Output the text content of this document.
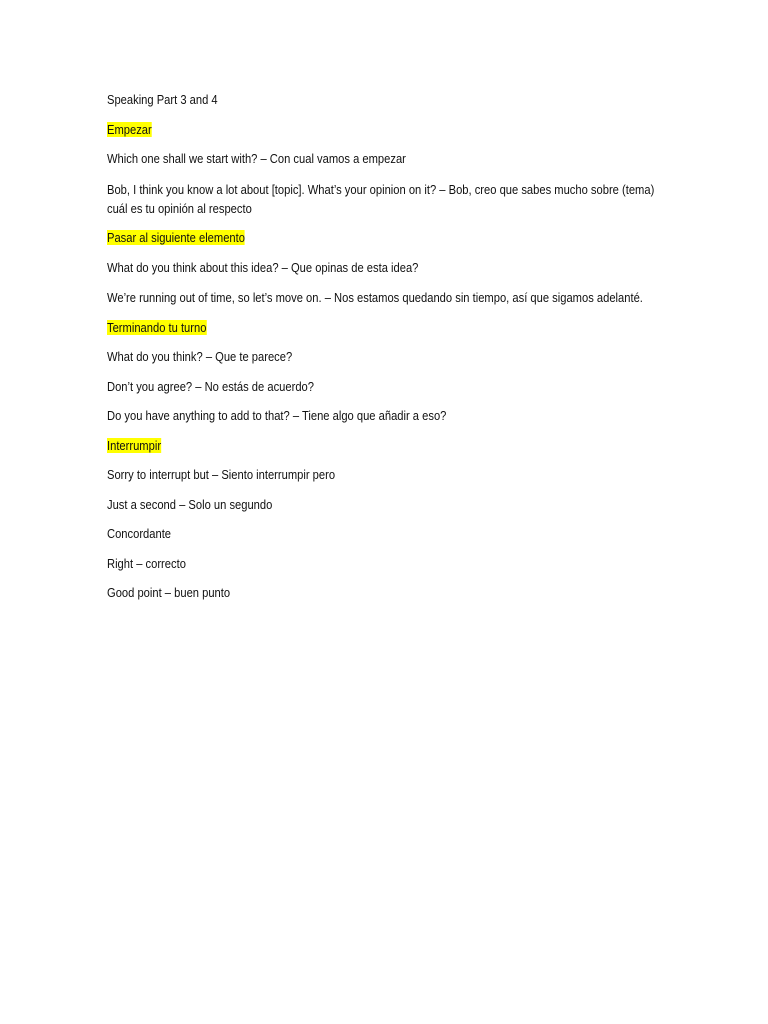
Speaking Part 3 and 4

Empezar

Which one shall we start with? – Con cual vamos a empezar

Bob, I think you know a lot about [topic]. What’s your opinion on it? – Bob, creo que sabes mucho sobre (tema) cuál es tu opinión al respecto

Pasar al siguiente elemento

What do you think about this idea? – Que opinas de esta idea?

We’re running out of time, so let’s move on. – Nos estamos quedando sin tiempo, así que sigamos adelanté.

Terminando tu turno

What do you think? – Que te parece?

Don’t you agree? – No estás de acuerdo?

Do you have anything to add to that? – Tiene algo que añadir a eso?

Interrumpir

Sorry to interrupt but – Siento interrumpir pero

Just a second – Solo un segundo

Concordante

Right – correcto

Good point – buen punto
